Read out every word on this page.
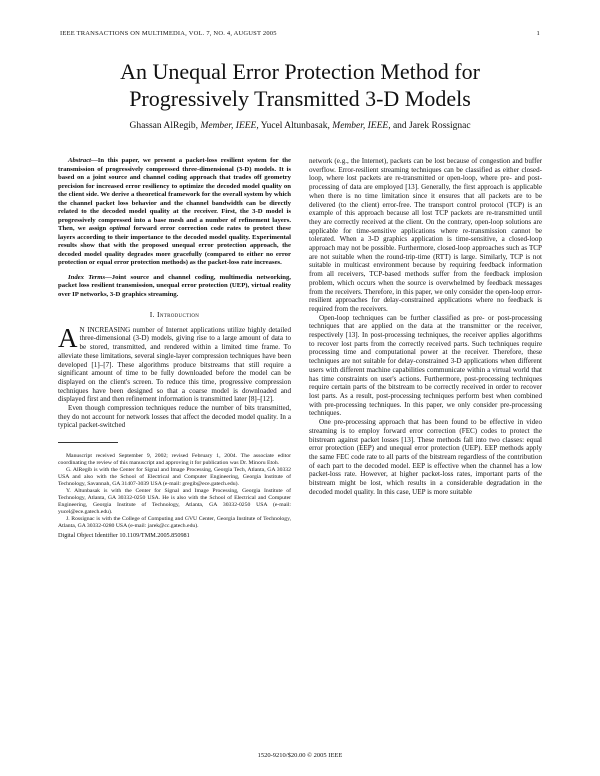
IEEE TRANSACTIONS ON MULTIMEDIA, VOL. 7, NO. 4, AUGUST 2005	1
An Unequal Error Protection Method for
Progressively Transmitted 3-D Models
Ghassan AlRegib, Member, IEEE, Yucel Altunbasak, Member, IEEE, and Jarek Rossignac

Abstract—In this paper, we present a packet-loss resilient system for the transmission of progressively compressed three-dimensional (3-D) models. It is based on a joint source and channel coding approach that trades off geometry precision for increased error resiliency to optimize the decoded model quality on the client side. We derive a theoretical framework for the overall system by which the channel packet loss behavior and the channel bandwidth can be directly related to the decoded model quality at the receiver. First, the 3-D model is progressively compressed into a base mesh and a number of refinement layers. Then, we assign optimal forward error correction code rates to protect these layers according to their importance to the decoded model quality. Experimental results show that with the proposed unequal error protection approach, the decoded model quality degrades more gracefully (compared to either no error protection or equal error protection methods) as the packet-loss rate increases.

Index Terms—Joint source and channel coding, multimedia networking, packet loss resilient transmission, unequal error protection (UEP), virtual reality over IP networks, 3-D graphics streaming.

I. Introduction

A N INCREASING number of Internet applications utilize highly detailed three-dimensional (3-D) models, giving rise to a large amount of data to be stored, transmitted, and rendered within a limited time frame. To alleviate these limitations, several single-layer compression techniques have been developed [1]–[7]. These algorithms produce bitstreams that still require a significant amount of time to be fully downloaded before the model can be displayed on the client's screen. To reduce this time, progressive compression techniques have been designed so that a coarse model is downloaded and displayed first and then refinement information is transmitted later [8]–[12].

Even though compression techniques reduce the number of bits transmitted, they do not account for network losses that affect the decoded model quality. In a typical packet-switched

Manuscript received September 9, 2002; revised February 1, 2004. The associate editor coordinating the review of this manuscript and approving it for publication was Dr. Minoru Etoh.

G. AlRegib is with the Center for Signal and Image Processing, Georgia Tech, Atlanta, GA 30332 USA and also with the School of Electrical and Computer Engineering, Georgia Institute of Technology, Savannah, GA 31407-3039 USA (e-mail: gregib@ece.gatech.edu).

Y. Altunbasak is with the Center for Signal and Image Processing, Georgia Institute of Technology, Atlanta, GA 30332-0250 USA. He is also with the School of Electrical and Computer Engineering, Georgia Institute of Technology, Atlanta, GA 30332-0250 USA (e-mail: yucel@ece.gatech.edu).

J. Rossignac is with the College of Computing and GVU Center, Georgia Institute of Technology, Atlanta, GA 30332-0280 USA (e-mail: jarek@cc.gatech.edu).

Digital Object Identifier 10.1109/TMM.2005.850981

network (e.g., the Internet), packets can be lost because of congestion and buffer overflow. Error-resilient streaming techniques can be classified as either closed-loop, where lost packets are re-transmitted or open-loop, where pre- and post-processing of data are employed [13]. Generally, the first approach is applicable when there is no time limitation since it ensures that all packets are to be delivered (to the client) error-free. The transport control protocol (TCP) is an example of this approach because all lost TCP packets are re-transmitted until they are correctly received at the client. On the contrary, open-loop solutions are applicable for time-sensitive applications where re-transmission cannot be tolerated. When a 3-D graphics application is time-sensitive, a closed-loop approach may not be possible. Furthermore, closed-loop approaches such as TCP are not suitable when the round-trip-time (RTT) is large. Similarly, TCP is not suitable in multicast environment because by requiring feedback information from all receivers, TCP-based methods suffer from the feedback implosion problem, which occurs when the source is overwhelmed by feedback messages from the receivers. Therefore, in this paper, we only consider the open-loop error-resilient approaches for delay-constrained applications where no feedback is required from the receivers.

Open-loop techniques can be further classified as pre- or post-processing techniques that are applied on the data at the transmitter or the receiver, respectively [13]. In post-processing techniques, the receiver applies algorithms to recover lost parts from the correctly received parts. Such techniques require processing time and computational power at the receiver. Therefore, these techniques are not suitable for delay-constrained 3-D applications when different users with different machine capabilities communicate within a virtual world that has time constraints on user's actions. Furthermore, post-processing techniques require certain parts of the bitstream to be correctly received in order to recover lost parts. As a result, post-processing techniques perform best when combined with pre-processing techniques. In this paper, we only consider pre-processing techniques.

One pre-processing approach that has been found to be effective in video streaming is to employ forward error correction (FEC) codes to protect the bitstream against packet losses [13]. These methods fall into two classes: equal error protection (EEP) and unequal error protection (UEP). EEP methods apply the same FEC code rate to all parts of the bitstream regardless of the contribution of each part to the decoded model. EEP is effective when the channel has a low packet-loss rate. However, at higher packet-loss rates, important parts of the bitstream might be lost, which results in a considerable degradation in the decoded model quality. In this case, UEP is more suitable

1520-9210/$20.00 © 2005 IEEE
